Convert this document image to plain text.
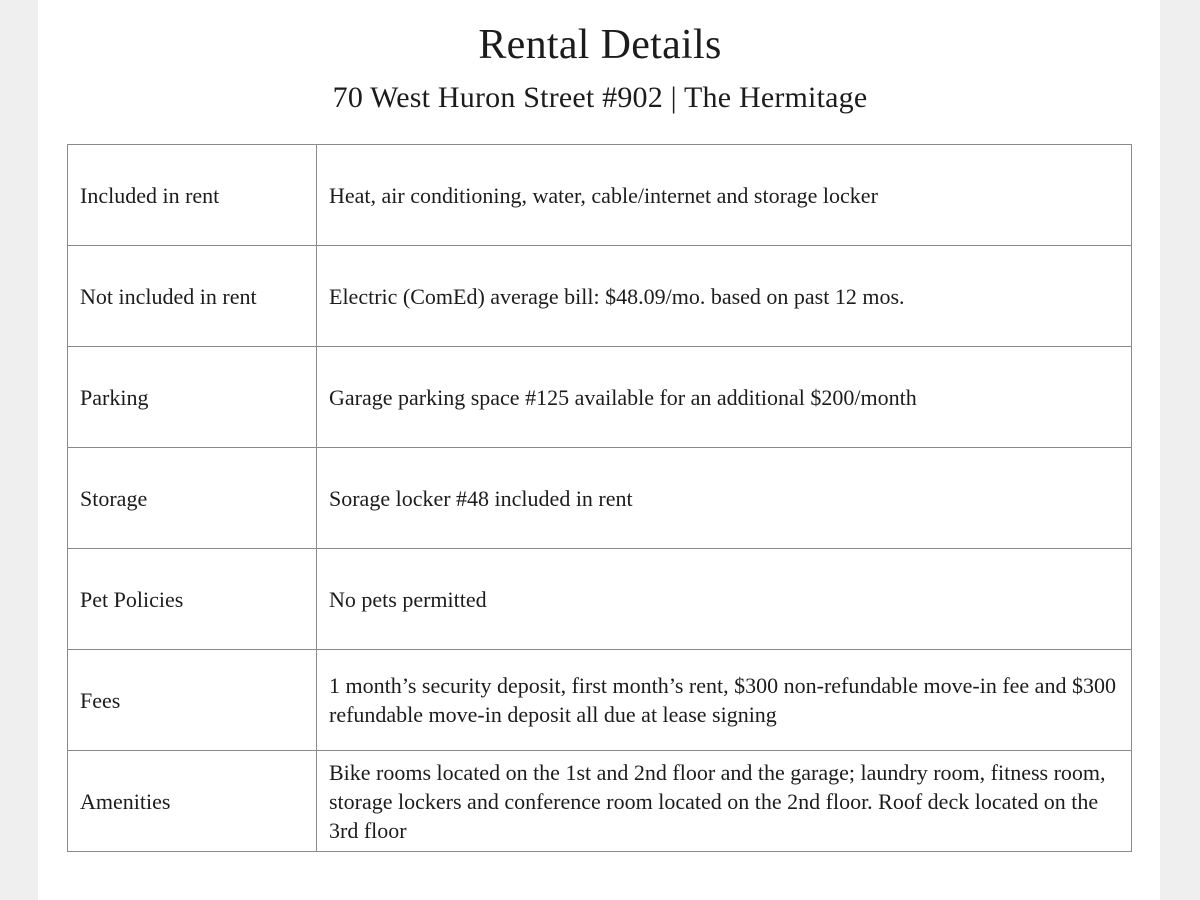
Rental Details

70 West Huron Street #902 | The Hermitage

Included in rent	Heat, air conditioning, water, cable/internet and storage locker
Not included in rent	Electric (ComEd) average bill: $48.09/mo. based on past 12 mos.
Parking	Garage parking space #125 available for an additional $200/month
Storage	Sorage locker #48 included in rent
Pet Policies	No pets permitted
Fees	1 month’s security deposit, first month’s rent, $300 non-refundable move-in fee and $300 refundable move-in deposit all due at lease signing
Amenities	Bike rooms located on the 1st and 2nd floor and the garage; laundry room, fitness room, storage lockers and conference room located on the 2nd floor. Roof deck located on the 3rd floor
